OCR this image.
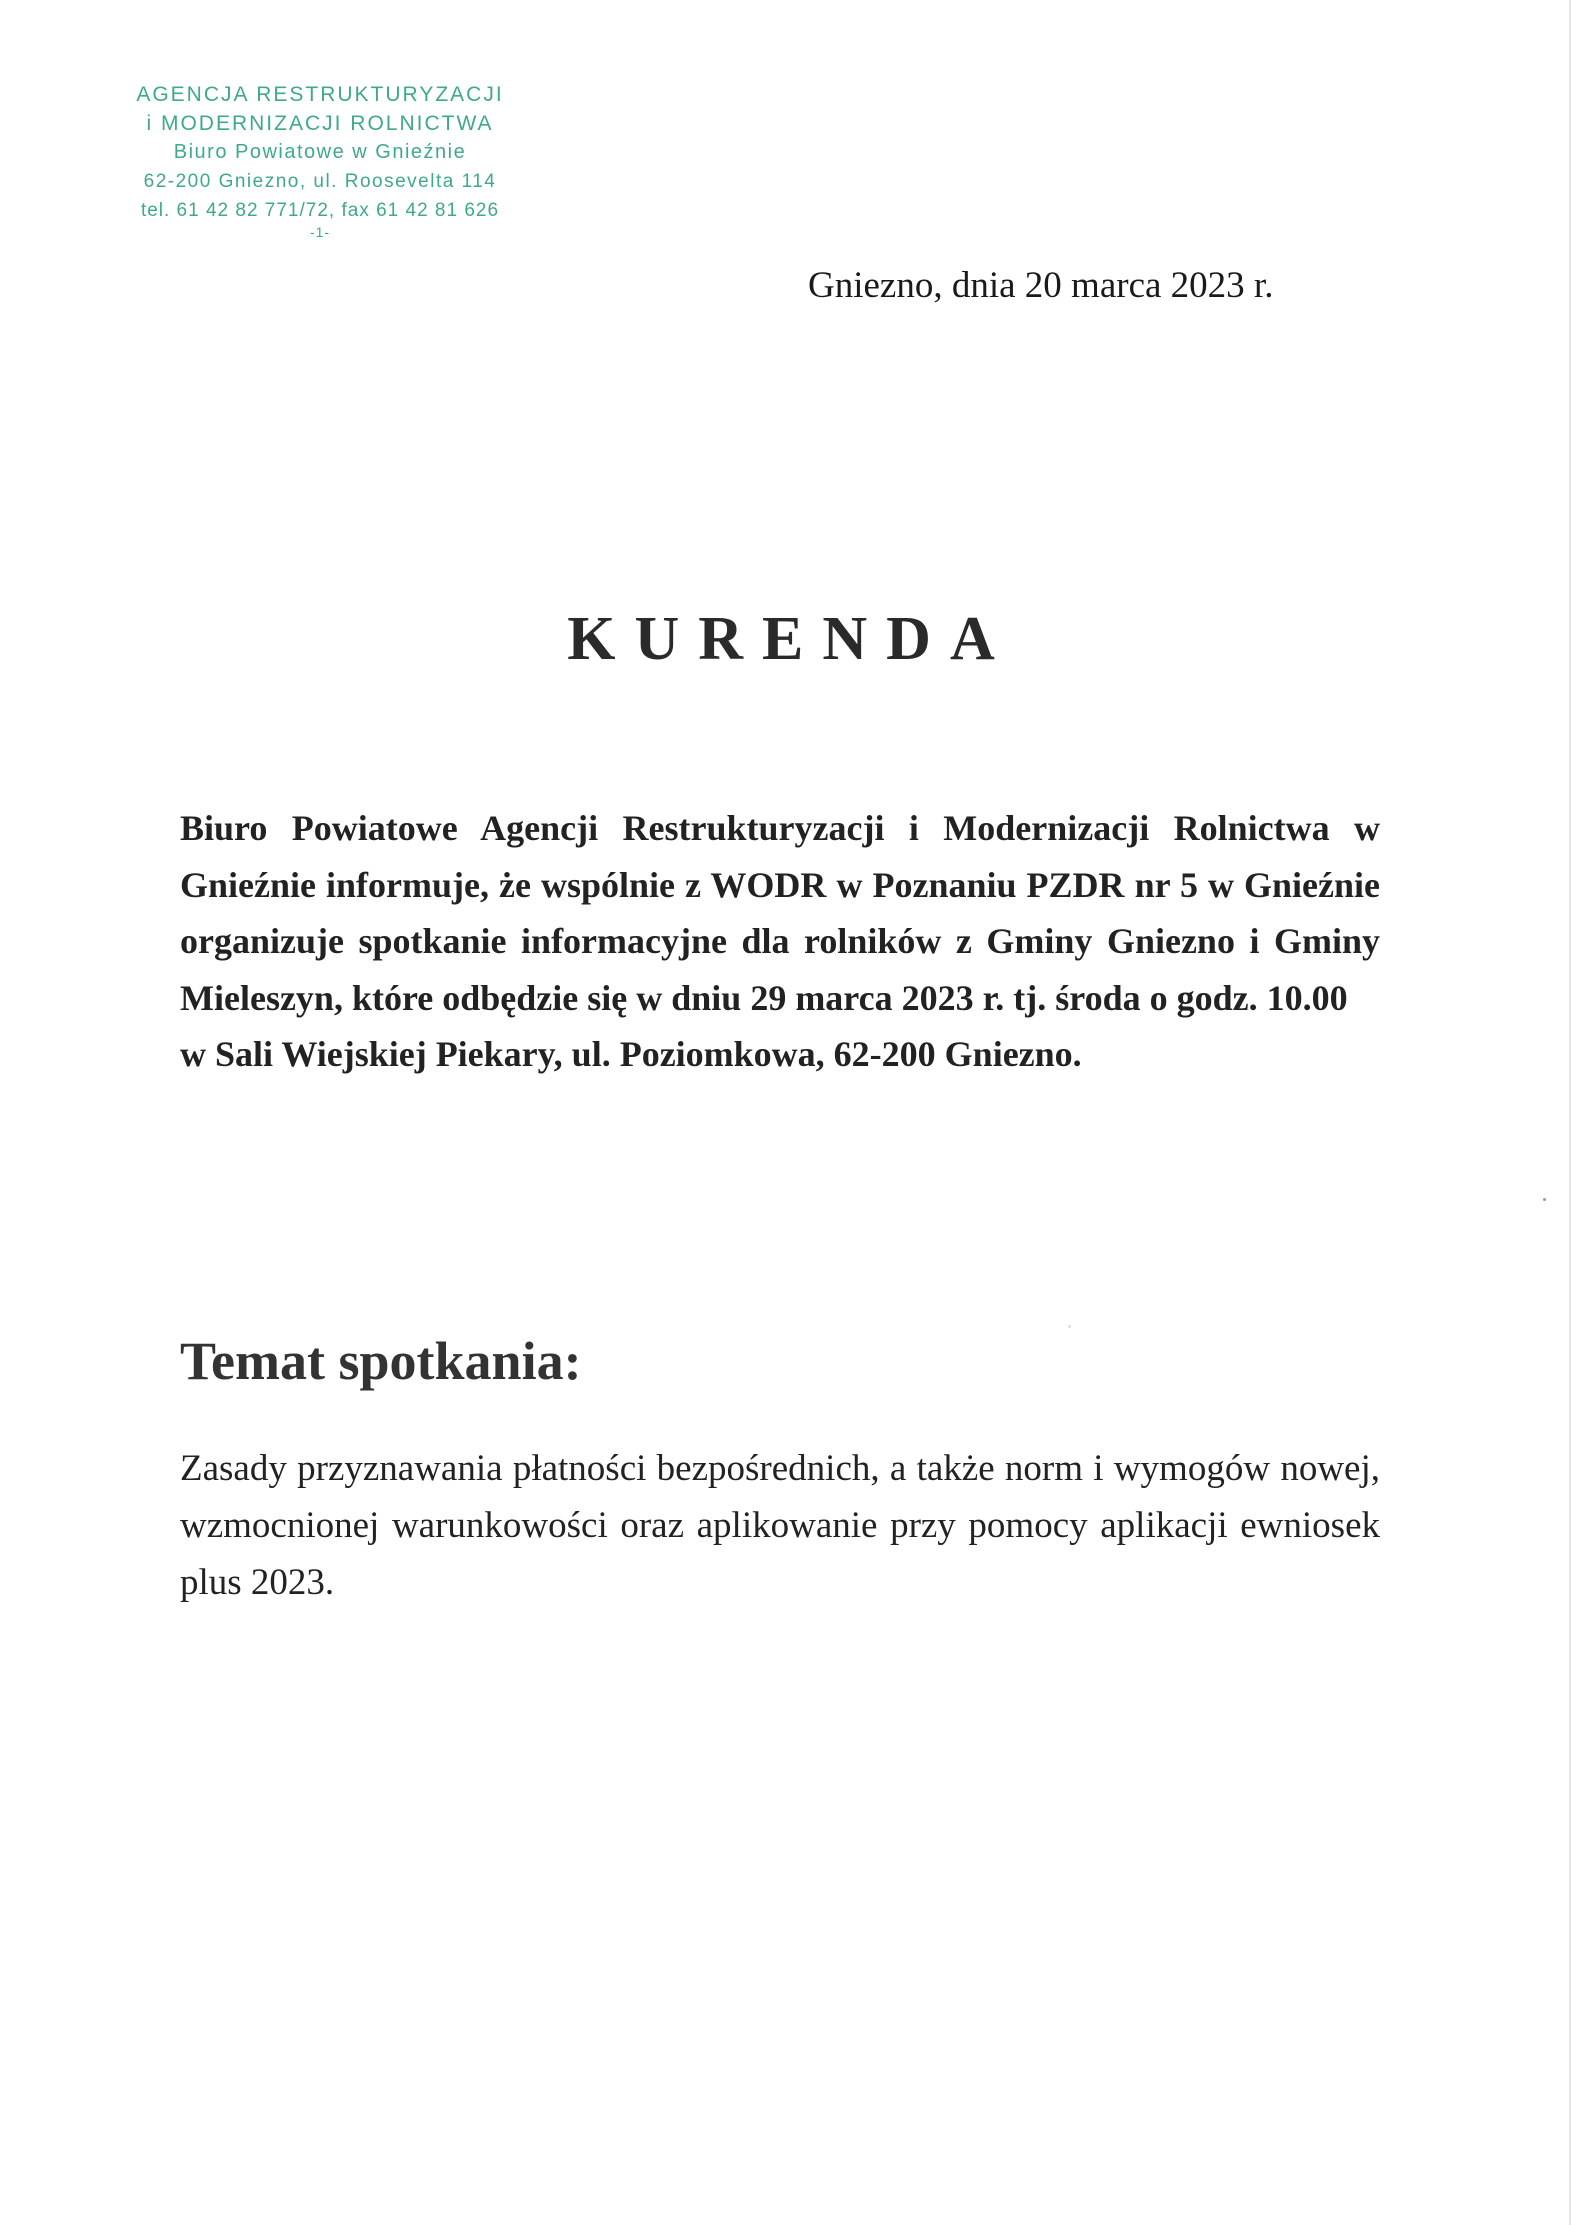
AGENCJA RESTRUKTURYZACJI
i MODERNIZACJI ROLNICTWA
Biuro Powiatowe w Gnieźnie
62-200 Gniezno, ul. Roosevelta 114
tel. 61 42 82 771/72, fax 61 42 81 626
-1-
Gniezno, dnia 20 marca 2023 r.
KURENDA
Biuro Powiatowe Agencji Restrukturyzacji i Modernizacji Rolnictwa w Gnieźnie informuje, że wspólnie z WODR w Poznaniu PZDR nr 5 w Gnieźnie organizuje spotkanie informacyjne dla rolników z Gminy Gniezno i Gminy Mieleszyn, które odbędzie się w dniu 29 marca 2023 r. tj. środa o godz. 10.00
w Sali Wiejskiej Piekary, ul. Poziomkowa, 62-200 Gniezno.
Temat spotkania:
Zasady przyznawania płatności bezpośrednich, a także norm i wymogów nowej, wzmocnionej warunkowości oraz aplikowanie przy pomocy aplikacji ewniosek plus 2023.
